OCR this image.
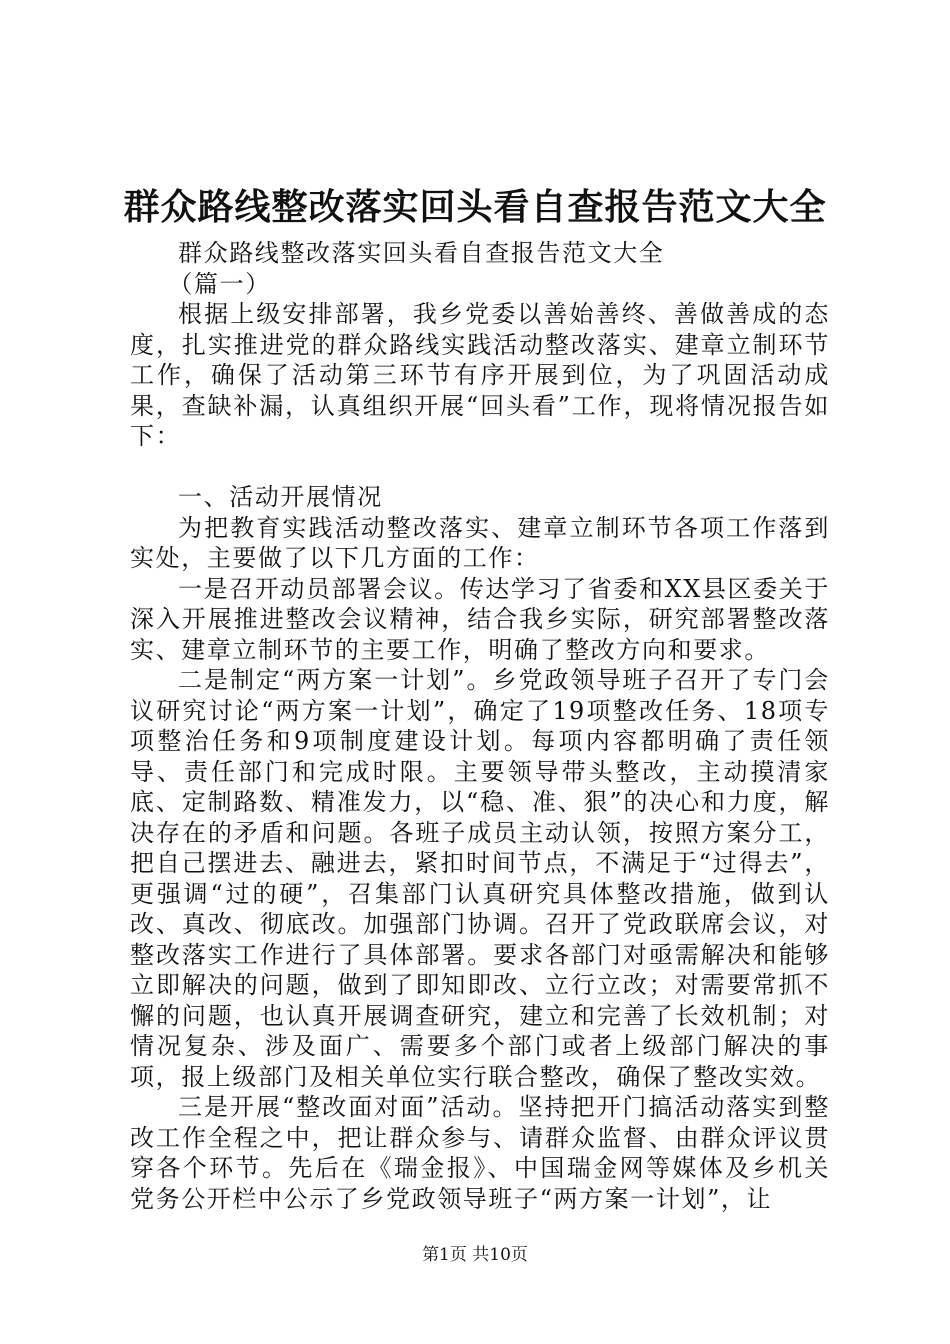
群众路线整改落实回头看自查报告范文大全

群众路线整改落实回头看自查报告范文大全

（篇一）

根据上级安排部署，我乡党委以善始善终、善做善成的态度，扎实推进党的群众路线实践活动整改落实、建章立制环节工作，确保了活动第三环节有序开展到位，为了巩固活动成果，查缺补漏，认真组织开展“回头看”工作，现将情况报告如下：

一、活动开展情况

为把教育实践活动整改落实、建章立制环节各项工作落到实处，主要做了以下几方面的工作：

一是召开动员部署会议。传达学习了省委和XX县区委关于深入开展推进整改会议精神，结合我乡实际，研究部署整改落实、建章立制环节的主要工作，明确了整改方向和要求。

二是制定“两方案一计划”。乡党政领导班子召开了专门会议研究讨论“两方案一计划”，确定了19项整改任务、18项专项整治任务和9项制度建设计划。每项内容都明确了责任领导、责任部门和完成时限。主要领导带头整改，主动摸清家底、定制路数、精准发力，以“稳、准、狠”的决心和力度，解决存在的矛盾和问题。各班子成员主动认领，按照方案分工，把自己摆进去、融进去，紧扣时间节点，不满足于“过得去”，更强调“过的硬”，召集部门认真研究具体整改措施，做到认改、真改、彻底改。加强部门协调。召开了党政联席会议，对整改落实工作进行了具体部署。要求各部门对亟需解决和能够立即解决的问题，做到了即知即改、立行立改；对需要常抓不懈的问题，也认真开展调查研究，建立和完善了长效机制；对情况复杂、涉及面广、需要多个部门或者上级部门解决的事项，报上级部门及相关单位实行联合整改，确保了整改实效。

三是开展“整改面对面”活动。坚持把开门搞活动落实到整改工作全程之中，把让群众参与、请群众监督、由群众评议贯穿各个环节。先后在《瑞金报》、中国瑞金网等媒体及乡机关党务公开栏中公示了乡党政领导班子“两方案一计划”，让

第1页 共10页
